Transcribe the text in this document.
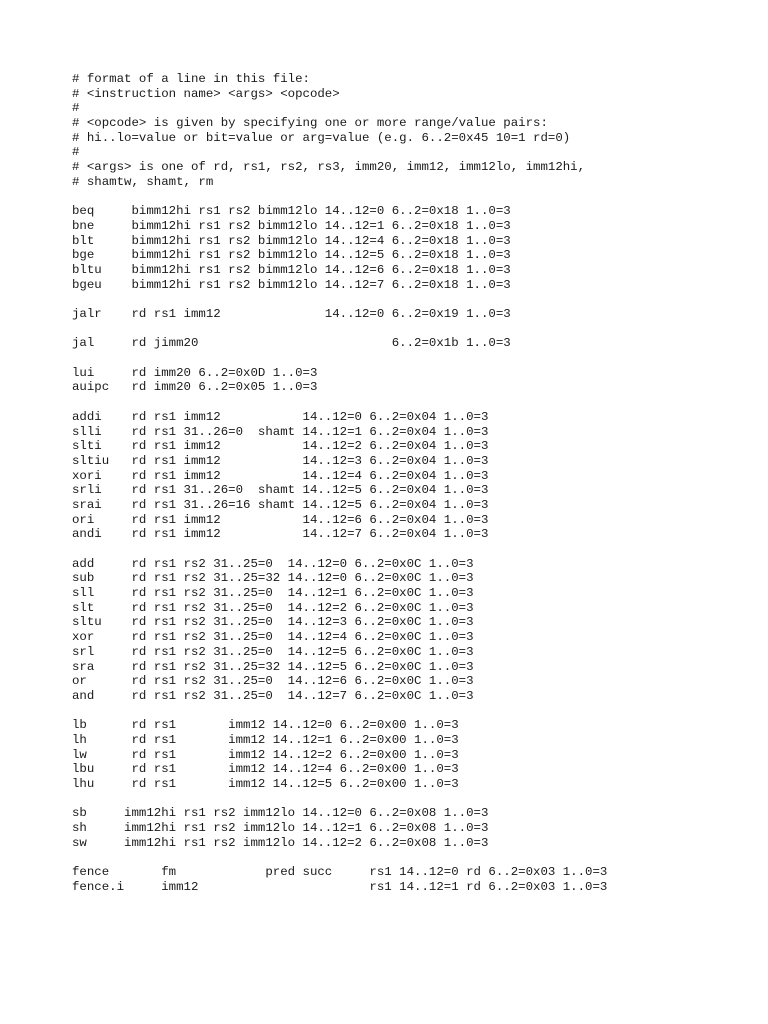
# format of a line in this file:
# <instruction name> <args> <opcode>
#
# <opcode> is given by specifying one or more range/value pairs:
# hi..lo=value or bit=value or arg=value (e.g. 6..2=0x45 10=1 rd=0)
#
# <args> is one of rd, rs1, rs2, rs3, imm20, imm12, imm12lo, imm12hi,
# shamtw, shamt, rm
beq     bimm12hi rs1 rs2 bimm12lo 14..12=0 6..2=0x18 1..0=3
bne     bimm12hi rs1 rs2 bimm12lo 14..12=1 6..2=0x18 1..0=3
blt     bimm12hi rs1 rs2 bimm12lo 14..12=4 6..2=0x18 1..0=3
bge     bimm12hi rs1 rs2 bimm12lo 14..12=5 6..2=0x18 1..0=3
bltu    bimm12hi rs1 rs2 bimm12lo 14..12=6 6..2=0x18 1..0=3
bgeu    bimm12hi rs1 rs2 bimm12lo 14..12=7 6..2=0x18 1..0=3
jalr    rd rs1 imm12              14..12=0 6..2=0x19 1..0=3
jal     rd jimm20                          6..2=0x1b 1..0=3
lui     rd imm20 6..2=0x0D 1..0=3
auipc   rd imm20 6..2=0x05 1..0=3
addi    rd rs1 imm12           14..12=0 6..2=0x04 1..0=3
slli    rd rs1 31..26=0  shamt 14..12=1 6..2=0x04 1..0=3
slti    rd rs1 imm12           14..12=2 6..2=0x04 1..0=3
sltiu   rd rs1 imm12           14..12=3 6..2=0x04 1..0=3
xori    rd rs1 imm12           14..12=4 6..2=0x04 1..0=3
srli    rd rs1 31..26=0  shamt 14..12=5 6..2=0x04 1..0=3
srai    rd rs1 31..26=16 shamt 14..12=5 6..2=0x04 1..0=3
ori     rd rs1 imm12           14..12=6 6..2=0x04 1..0=3
andi    rd rs1 imm12           14..12=7 6..2=0x04 1..0=3
add     rd rs1 rs2 31..25=0  14..12=0 6..2=0x0C 1..0=3
sub     rd rs1 rs2 31..25=32 14..12=0 6..2=0x0C 1..0=3
sll     rd rs1 rs2 31..25=0  14..12=1 6..2=0x0C 1..0=3
slt     rd rs1 rs2 31..25=0  14..12=2 6..2=0x0C 1..0=3
sltu    rd rs1 rs2 31..25=0  14..12=3 6..2=0x0C 1..0=3
xor     rd rs1 rs2 31..25=0  14..12=4 6..2=0x0C 1..0=3
srl     rd rs1 rs2 31..25=0  14..12=5 6..2=0x0C 1..0=3
sra     rd rs1 rs2 31..25=32 14..12=5 6..2=0x0C 1..0=3
or      rd rs1 rs2 31..25=0  14..12=6 6..2=0x0C 1..0=3
and     rd rs1 rs2 31..25=0  14..12=7 6..2=0x0C 1..0=3
lb      rd rs1       imm12 14..12=0 6..2=0x00 1..0=3
lh      rd rs1       imm12 14..12=1 6..2=0x00 1..0=3
lw      rd rs1       imm12 14..12=2 6..2=0x00 1..0=3
lbu     rd rs1       imm12 14..12=4 6..2=0x00 1..0=3
lhu     rd rs1       imm12 14..12=5 6..2=0x00 1..0=3
sb     imm12hi rs1 rs2 imm12lo 14..12=0 6..2=0x08 1..0=3
sh     imm12hi rs1 rs2 imm12lo 14..12=1 6..2=0x08 1..0=3
sw     imm12hi rs1 rs2 imm12lo 14..12=2 6..2=0x08 1..0=3
fence       fm            pred succ     rs1 14..12=0 rd 6..2=0x03 1..0=3
fence.i     imm12                       rs1 14..12=1 rd 6..2=0x03 1..0=3
